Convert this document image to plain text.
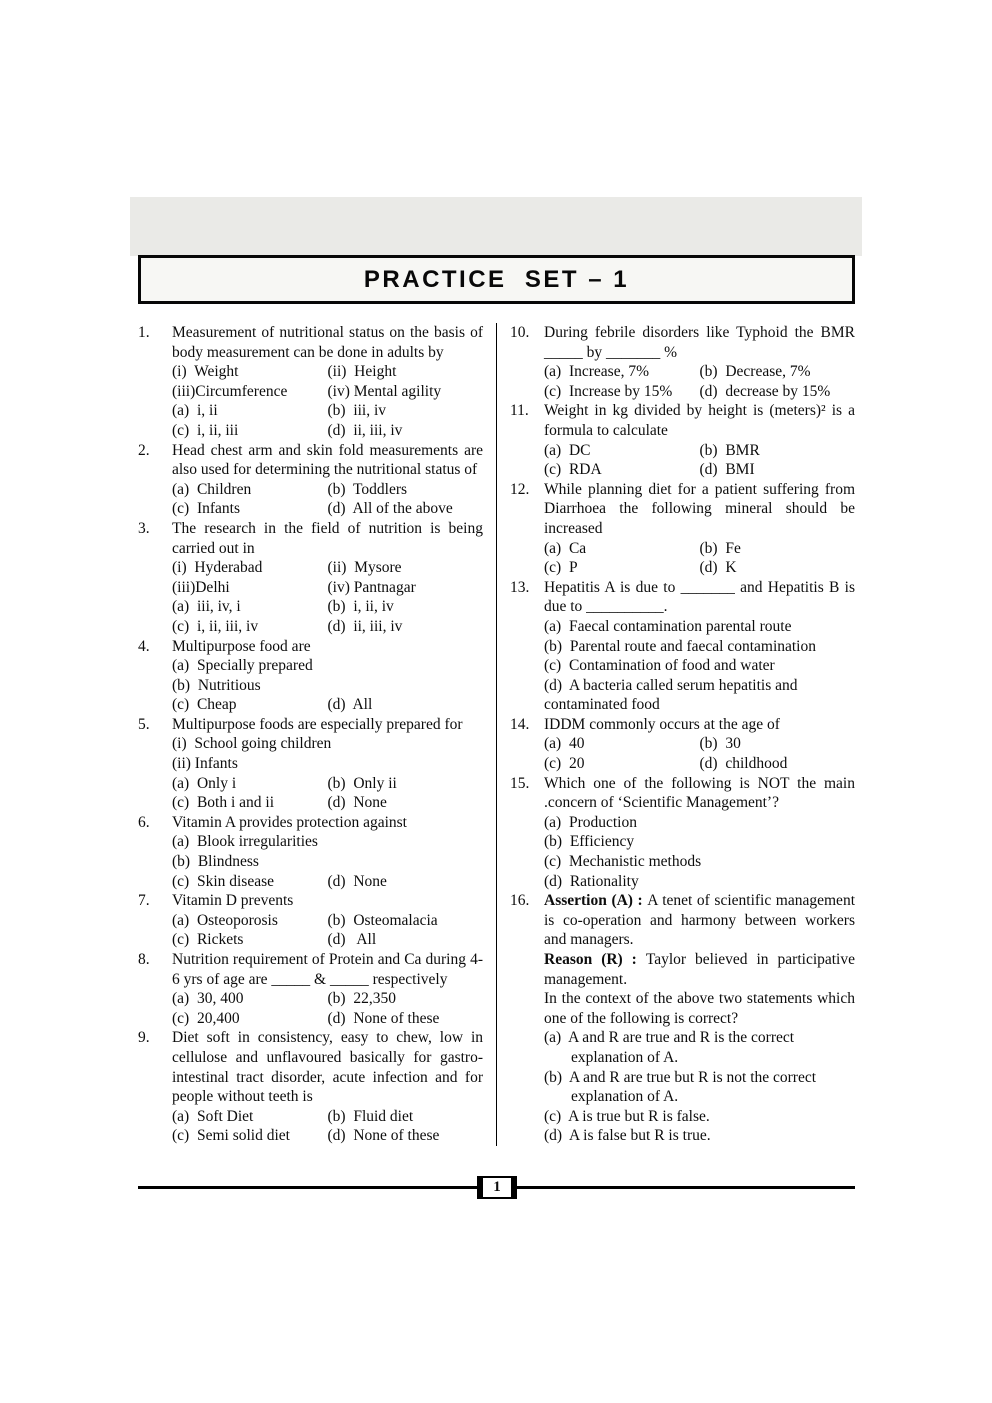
PRACTICE  SET – 1
1.	Measurement of nutritional status on the basis of body measurement can be done in adults by
(i)  Weight	(ii)  Height
(iii)Circumference	(iv) Mental agility
(a)  i, ii	(b)  iii, iv
(c)  i, ii, iii	(d)  ii, iii, iv
2.	Head chest arm and skin fold measurements are also used for determining the nutritional status of
(a)  Children	(b)  Toddlers
(c)  Infants	(d)  All of the above
3.	The research in the field of nutrition is being carried out in
(i)  Hyderabad	(ii)  Mysore
(iii)Delhi	(iv) Pantnagar
(a)  iii, iv, i	(b)  i, ii, iv
(c)  i, ii, iii, iv	(d)  ii, iii, iv
4.	Multipurpose food are
(a)  Specially prepared
(b)  Nutritious
(c)  Cheap	(d)  All
5.	Multipurpose foods are especially prepared for
(i)  School going children
(ii) Infants
(a)  Only i	(b)  Only ii
(c)  Both i and ii	(d)  None
6.	Vitamin A provides protection against
(a)  Blook irregularities
(b)  Blindness
(c)  Skin disease	(d)  None
7.	Vitamin D prevents
(a)  Osteoporosis	(b)  Osteomalacia
(c)  Rickets	(d)   All
8.	Nutrition requirement of Protein and Ca during 4-6 yrs of age are _____ & _____ respectively
(a)  30, 400	(b)  22,350
(c)  20,400	(d)  None of these
9.	Diet soft in consistency, easy to chew, low in cellulose and unflavoured basically for gastro-intestinal tract disorder, acute infection and for people without teeth is
(a)  Soft Diet	(b)  Fluid diet
(c)  Semi solid diet	(d)  None of these
10. During febrile disorders like Typhoid the BMR _____ by _______ %
(a)  Increase, 7%	(b)  Decrease, 7%
(c)  Increase by 15%	(d)  decrease by 15%
11. Weight in kg divided by height is (meters)² is a formula to calculate
(a)  DC	(b)  BMR
(c)  RDA	(d)  BMI
12. While planning diet for a patient suffering from Diarrhoea the following mineral should be increased
(a)  Ca	(b)  Fe
(c)  P	(d)  K
13. Hepatitis A is due to _______ and Hepatitis B is due to __________.
(a)  Faecal contamination parental route
(b)  Parental route and faecal contamination
(c)  Contamination of food and water
(d)  A bacteria called serum hepatitis and contaminated food
14. IDDM commonly occurs at the age of
(a)  40	(b)  30
(c)  20	(d)  childhood
15. Which one of the following is NOT the main .concern of ‘Scientific Management’?
(a)  Production
(b)  Efficiency
(c)  Mechanistic methods
(d)  Rationality
16. Assertion (A) : A tenet of scientific management is co-operation and harmony between workers and managers.
Reason (R) : Taylor believed in participative management.
In the context of the above two statements which one of the following is correct?
(a)  A and R are true and R is the correct explanation of A.
(b)  A and R are true but R is not the correct explanation of A.
(c)  A is true but R is false.
(d)  A is false but R is true.
1
